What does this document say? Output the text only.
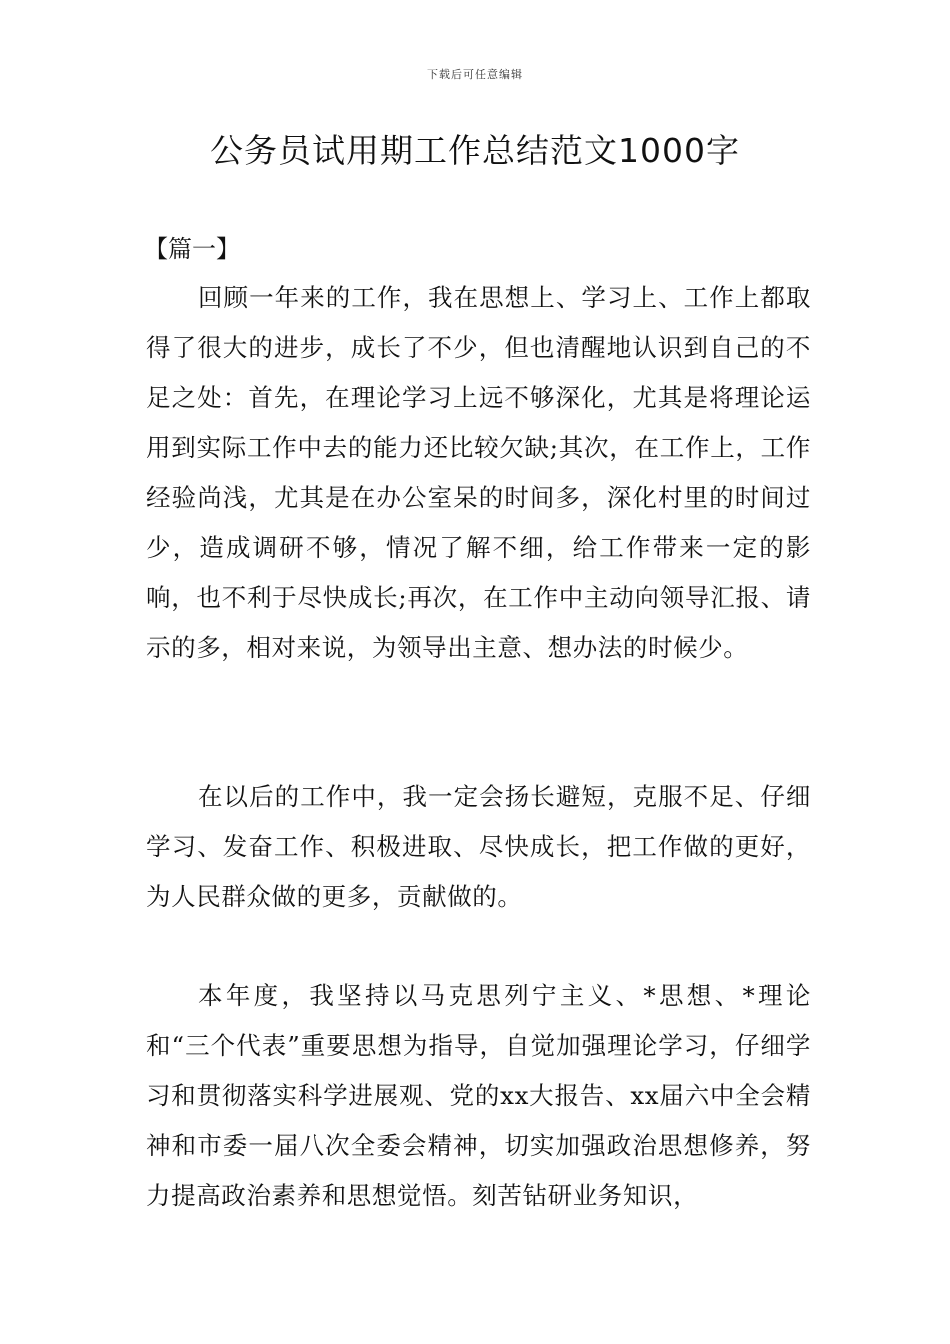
下载后可任意编辑
公务员试用期工作总结范文1000字
【篇一】

回顾一年来的工作，我在思想上、学习上、工作上都取得了很大的进步，成长了不少，但也清醒地认识到自己的不足之处：首先，在理论学习上远不够深化，尤其是将理论运用到实际工作中去的能力还比较欠缺;其次，在工作上，工作经验尚浅，尤其是在办公室呆的时间多，深化村里的时间过少，造成调研不够，情况了解不细，给工作带来一定的影响，也不利于尽快成长;再次，在工作中主动向领导汇报、请示的多，相对来说，为领导出主意、想办法的时候少。

在以后的工作中，我一定会扬长避短，克服不足、仔细学习、发奋工作、积极进取、尽快成长，把工作做的更好，为人民群众做的更多，贡献做的。

本年度，我坚持以马克思列宁主义、*思想、*理论和“三个代表”重要思想为指导，自觉加强理论学习，仔细学习和贯彻落实科学进展观、党的xx大报告、xx届六中全会精神和市委一届八次全委会精神，切实加强政治思想修养，努力提高政治素养和思想觉悟。刻苦钻研业务知识，
